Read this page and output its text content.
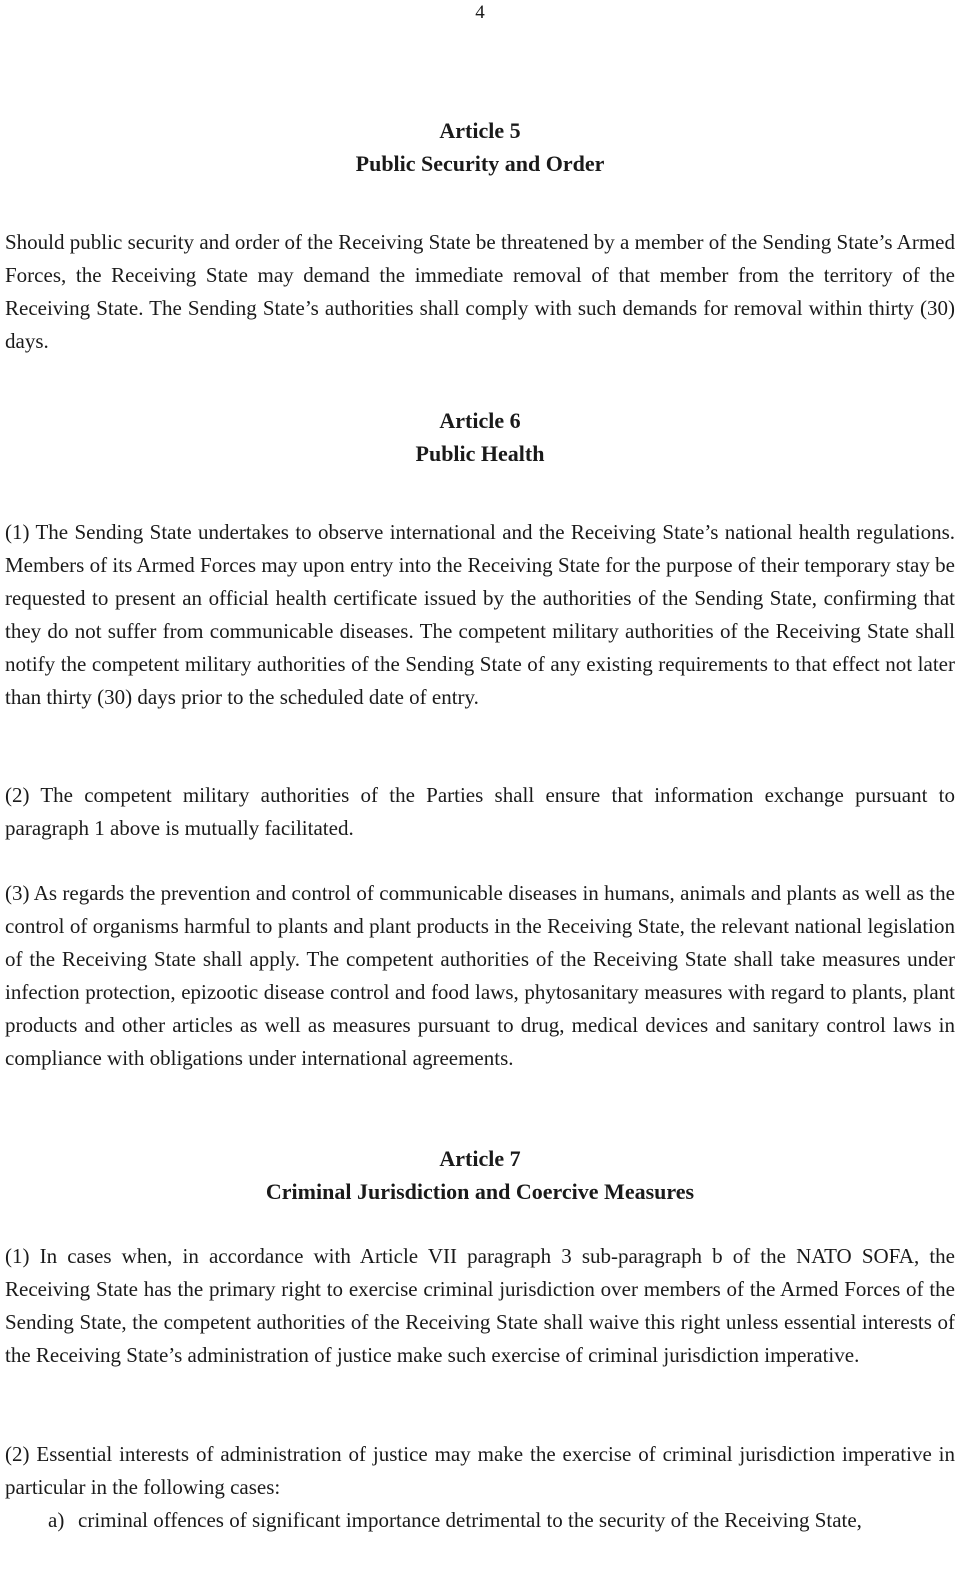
4
Article 5
Public Security and Order

Should public security and order of the Receiving State be threatened by a member of the Sending State’s Armed Forces, the Receiving State may demand the immediate removal of that member from the territory of the Receiving State. The Sending State’s authorities shall comply with such demands for removal within thirty (30) days.

Article 6
Public Health

(1) The Sending State undertakes to observe international and the Receiving State’s national health regulations. Members of its Armed Forces may upon entry into the Receiving State for the purpose of their temporary stay be requested to present an official health certificate issued by the authorities of the Sending State, confirming that they do not suffer from communicable diseases. The competent military authorities of the Receiving State shall notify the competent military authorities of the Sending State of any existing requirements to that effect not later than thirty (30) days prior to the scheduled date of entry.

(2) The competent military authorities of the Parties shall ensure that information exchange pursuant to paragraph 1 above is mutually facilitated.

(3) As regards the prevention and control of communicable diseases in humans, animals and plants as well as the control of organisms harmful to plants and plant products in the Receiving State, the relevant national legislation of the Receiving State shall apply. The competent authorities of the Receiving State shall take measures under infection protection, epizootic disease control and food laws, phytosanitary measures with regard to plants, plant products and other articles as well as measures pursuant to drug, medical devices and sanitary control laws in compliance with obligations under international agreements.

Article 7
Criminal Jurisdiction and Coercive Measures

(1) In cases when, in accordance with Article VII paragraph 3 sub-paragraph b of the NATO SOFA, the Receiving State has the primary right to exercise criminal jurisdiction over members of the Armed Forces of the Sending State, the competent authorities of the Receiving State shall waive this right unless essential interests of the Receiving State’s administration of justice make such exercise of criminal jurisdiction imperative.

(2) Essential interests of administration of justice may make the exercise of criminal jurisdiction imperative in particular in the following cases:

a) criminal offences of significant importance detrimental to the security of the Receiving State,
